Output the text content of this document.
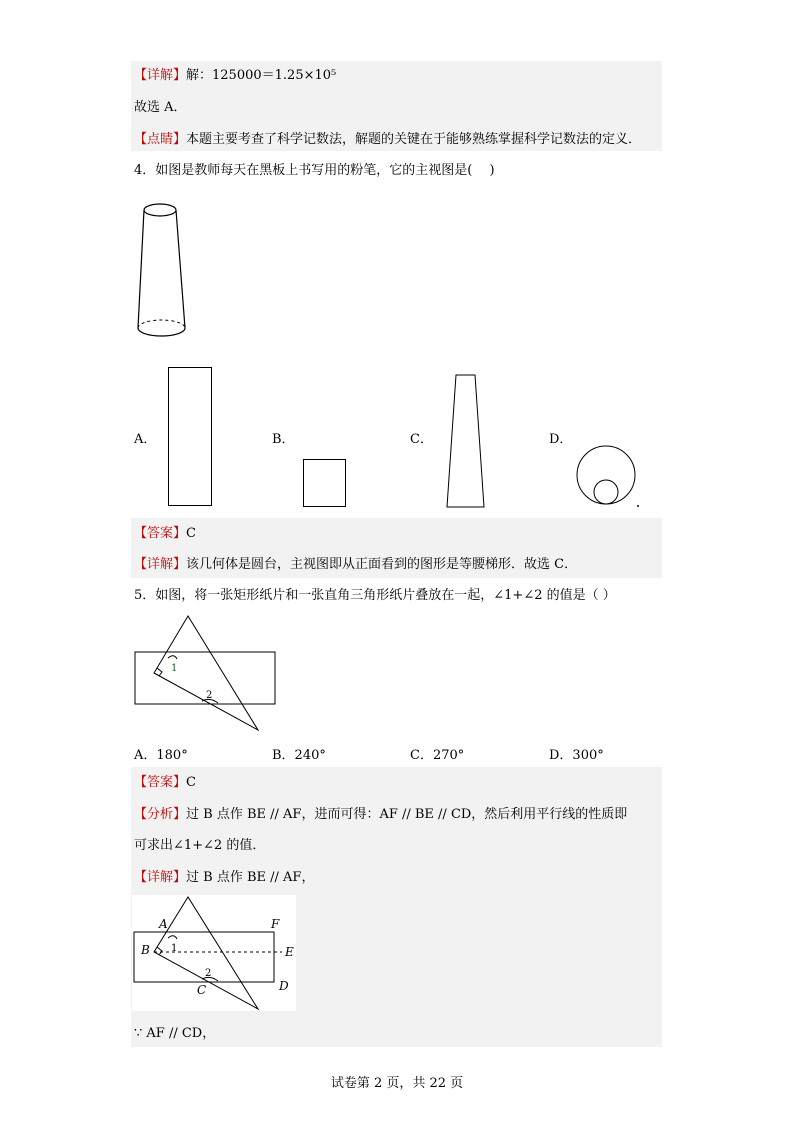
【详解】解：125000＝1.25×10⁵
故选 A．
【点睛】本题主要考查了科学记数法，解题的关键在于能够熟练掌握科学记数法的定义．
4．如图是教师每天在黑板上书写用的粉笔，它的主视图是(　 )
A．	B．	C．	D．
【答案】C
【详解】该几何体是圆台，主视图即从正面看到的图形是等腰梯形．故选 C．
5．如图，将一张矩形纸片和一张直角三角形纸片叠放在一起，∠1+∠2 的值是（ ）
1
2
A．180°	B．240°	C．270°	D．300°
【答案】C
【分析】过 B 点作 BE // AF，进而可得：AF // BE // CD，然后利用平行线的性质即
可求出∠1+∠2 的值．
【详解】过 B 点作 BE // AF，
A
B
C	D
E
F
1
2
∵ AF // CD，
试卷第 2 页，共 22 页
